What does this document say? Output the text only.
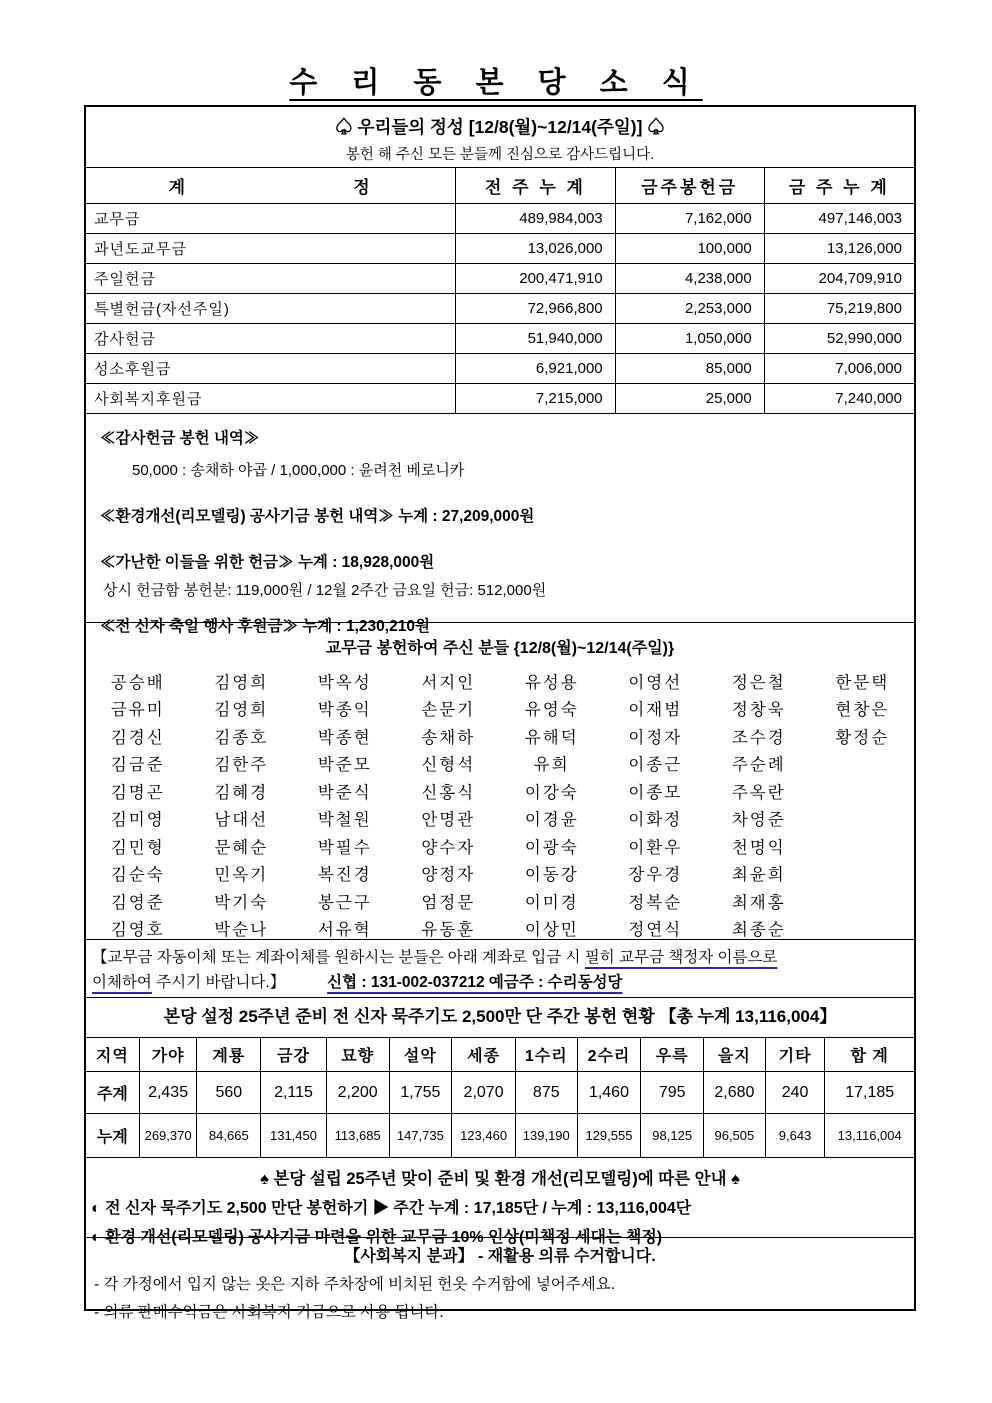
수 리 동 본 당 소 식
♤ 우리들의 정성 [12/8(월)~12/14(주일)] ♤
봉헌 해 주신 모든 분들께 진심으로 감사드립니다.
계	정	전 주 누 계	금주봉헌금	금 주 누 계
교무금	489,984,003	7,162,000	497,146,003
과년도교무금	13,026,000	100,000	13,126,000
주일헌금	200,471,910	4,238,000	204,709,910
특별헌금(자선주일)	72,966,800	2,253,000	75,219,800
감사헌금	51,940,000	1,050,000	52,990,000
성소후원금	6,921,000	85,000	7,006,000
사회복지후원금	7,215,000	25,000	7,240,000
≪감사헌금 봉헌 내역≫
50,000 : 송채하 야곱 / 1,000,000 : 윤려천 베로니카
≪환경개선(리모델링) 공사기금 봉헌 내역≫ 누계 : 27,209,000원
≪가난한 이들을 위한 헌금≫ 누계 : 18,928,000원
상시 헌금함 봉헌분: 119,000원 / 12월 2주간 금요일 헌금: 512,000원
≪전 신자 축일 행사 후원금≫ 누계 : 1,230,210원
교무금 봉헌하여 주신 분들 {12/8(월)~12/14(주일)}
공승배	김영희	박옥성	서지인	유성용	이영선	정은철	한문택
금유미	김영희	박종익	손문기	유영숙	이재범	정창욱	현창은
김경신	김종호	박종현	송채하	유해덕	이정자	조수경	황정순
김금준	김한주	박준모	신형석	유희	이종근	주순례
김명곤	김혜경	박준식	신홍식	이강숙	이종모	주옥란
김미영	남대선	박철원	안명관	이경윤	이화정	차영준
김민형	문혜순	박필수	양수자	이광숙	이환우	천명익
김순숙	민옥기	복진경	양정자	이동강	장우경	최윤희
김영준	박기숙	봉근구	엄정문	이미경	정복순	최재홍
김영호	박순나	서유혁	유동훈	이상민	정연식	최종순
【교무금 자동이체 또는 계좌이체를 원하시는 분들은 아래 계좌로 입금 시 필히 교무금 책정자 이름으로
이체하여 주시기 바랍니다.】	신협 : 131-002-037212 예금주 : 수리동성당
본당 설정 25주년 준비 전 신자 묵주기도 2,500만 단 주간 봉헌 현황 【총 누계 13,116,004】
지역	가야	계룡	금강	묘향	설악	세종	1수리	2수리	우륵	을지	기타	합 계
주계	2,435	560	2,115	2,200	1,755	2,070	875	1,460	795	2,680	240	17,185
누계	269,370	84,665	131,450	113,685	147,735	123,460	139,190	129,555	98,125	96,505	9,643	13,116,004
♠ 본당 설립 25주년 맞이 준비 및 환경 개선(리모델링)에 따른 안내 ♠
◐ 전 신자 묵주기도 2,500 만단 봉헌하기 ▶ 주간 누계 : 17,185단 / 누계 : 13,116,004단
◐ 환경 개선(리모델링) 공사기금 마련을 위한 교무금 10% 인상(미책정 세대는 책정)
【사회복지 분과】 - 재활용 의류 수거합니다.
- 각 가정에서 입지 않는 옷은 지하 주차장에 비치된 헌옷 수거함에 넣어주세요.
- 의류 판매수익금은 사회복지 기금으로 사용 됩니다.
